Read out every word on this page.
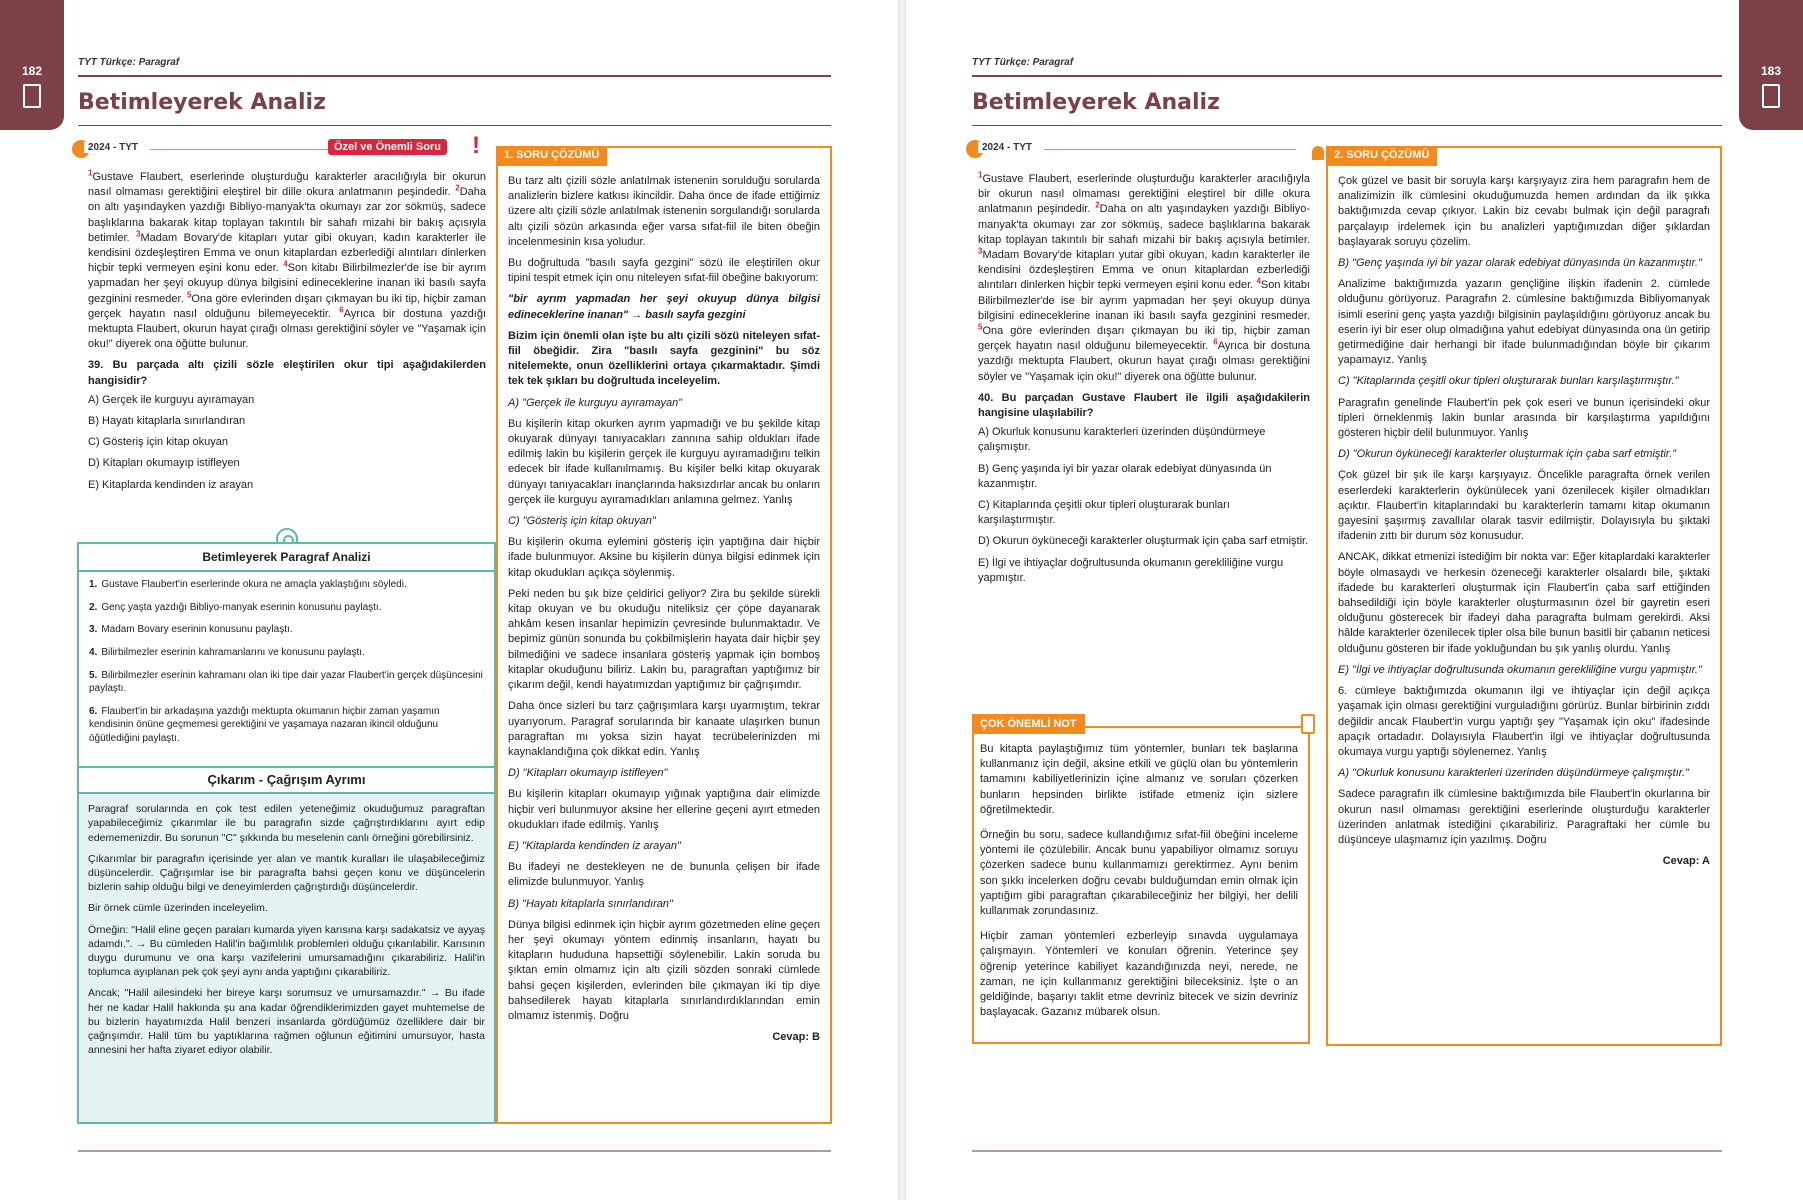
182
TYT Türkçe: Paragraf
Betimleyerek Analiz
2024 - TYT	Özel ve Önemli Soru !

$^1$Gustave Flaubert, eserlerinde oluşturduğu karakterler aracılığıyla bir okurun nasıl olmaması gerektiğini eleştirel bir dille okura anlatmanın peşindedir. $^2$Daha on altı yaşındayken yazdığı Bibliyo-manyak'ta okumayı zar zor sökmüş, sadece başlıklarına bakarak kitap toplayan takıntılı bir sahafı mizahi bir bakış açısıyla betimler. $^3$Madam Bovary'de kitapları yutar gibi okuyan, kadın karakterler ile kendisini özdeşleştiren Emma ve onun kitaplardan ezberlediği alıntıları dinlerken hiçbir tepki vermeyen eşini konu eder. $^4$Son kitabı Bilirbilmezler'de ise bir ayrım yapmadan her şeyi okuyup dünya bilgisini edineceklerine inanan iki basılı sayfa gezginini resmeder. $^5$Ona göre evlerinden dışarı çıkmayan bu iki tip, hiçbir zaman gerçek hayatın nasıl olduğunu bilemeyecektir. $^6$Ayrıca bir dostuna yazdığı mektupta Flaubert, okurun hayat çırağı olması gerektiğini söyler ve "Yaşamak için oku!" diyerek ona öğütte bulunur.

39. Bu parçada altı çizili sözle eleştirilen okur tipi aşağıdakilerden hangisidir?

A) Gerçek ile kurguyu ayıramayan
B) Hayatı kitaplarla sınırlandıran
C) Gösteriş için kitap okuyan
D) Kitapları okumayıp istifleyen
E) Kitaplarda kendinden iz arayan
Betimleyerek Paragraf Analizi
1. Gustave Flaubert'in eserlerinde okura ne amaçla yaklaştığını söyledi.
2. Genç yaşta yazdığı Bibliyo-manyak eserinin konusunu paylaştı.
3. Madam Bovary eserinin konusunu paylaştı.
4. Bilirbilmezler eserinin kahramanlarını ve konusunu paylaştı.
5. Bilirbilmezler eserinin kahramanı olan iki tipe dair yazar Flaubert'in gerçek düşüncesini paylaştı.
6. Flaubert'in bir arkadaşına yazdığı mektupta okumanın hiçbir zaman yaşamın kendisinin önüne geçmemesi gerektiğini ve yaşamaya nazaran ikincil olduğunu öğütlediğini paylaştı.
Çıkarım - Çağrışım Ayrımı

Paragraf sorularında en çok test edilen yeteneğimiz okuduğumuz paragraftan yapabileceğimiz çıkarımlar ile bu paragrafın sizde çağrıştırdıklarını ayırt edip edememenizdir. Bu sorunun "C" şıkkında bu meselenin canlı örneğini görebilirsiniz.

Çıkarımlar bir paragrafın içerisinde yer alan ve mantık kuralları ile ulaşabileceğimiz düşüncelerdir. Çağrışımlar ise bir paragrafta bahsi geçen konu ve düşüncelerin bizlerin sahip olduğu bilgi ve deneyimlerden çağrıştırdığı düşüncelerdir.

Bir örnek cümle üzerinden inceleyelim.

Örneğin: "Halil eline geçen paraları kumarda yiyen karısına karşı sadakatsiz ve ayyaş adamdı.". → Bu cümleden Halil'in bağımlılık problemleri olduğu çıkarılabilir. Karısının duygu durumunu ve ona karşı vazifelerini umursamadığını çıkarabiliriz. Halil'in toplumca ayıplanan pek çok şeyi aynı anda yaptığını çıkarabiliriz.

Ancak; "Halil ailesindeki her bireye karşı sorumsuz ve umursamazdır." → Bu ifade her ne kadar Halil hakkında şu ana kadar öğrendiklerimizden gayet muhtemelse de bu bizlerin hayatımızda Halil benzeri insanlarda gördüğümüz özelliklere dair bir çağrışımdır. Halil tüm bu yaptıklarına rağmen oğlunun eğitimini umursuyor, hasta annesini her hafta ziyaret ediyor olabilir.

1. SORU ÇÖZÜMÜ

Bu tarz altı çizili sözle anlatılmak istenenin sorulduğu sorularda analizlerin bizlere katkısı ikincildir. Daha önce de ifade ettiğimiz üzere altı çizili sözle anlatılmak istenenin sorgulandığı sorularda altı çizili sözün arkasında eğer varsa sıfat-fiil ile biten öbeğin incelenmesinin kısa yoludur.

Bu doğrultuda "basılı sayfa gezgini" sözü ile eleştirilen okur tipini tespit etmek için onu niteleyen sıfat-fiil öbeğine bakıyorum:

"bir ayrım yapmadan her şeyi okuyup dünya bilgisi edineceklerine inanan" → basılı sayfa gezgini

Bizim için önemli olan işte bu altı çizili sözü niteleyen sıfat-fiil öbeğidir. Zira "basılı sayfa gezginini" bu söz nitelemekte, onun özelliklerini ortaya çıkarmaktadır. Şimdi tek tek şıkları bu doğrultuda inceleyelim.

A) "Gerçek ile kurguyu ayıramayan"

Bu kişilerin kitap okurken ayrım yapmadığı ve bu şekilde kitap okuyarak dünyayı tanıyacakları zannına sahip oldukları ifade edilmiş lakin bu kişilerin gerçek ile kurguyu ayıramadığını telkin edecek bir ifade kullanılmamış. Bu kişiler belki kitap okuyarak dünyayı tanıyacakları inançlarında haksızdırlar ancak bu onların gerçek ile kurguyu ayıramadıkları anlamına gelmez. Yanlış

C) "Gösteriş için kitap okuyan"

Bu kişilerin okuma eylemini gösteriş için yaptığına dair hiçbir ifade bulunmuyor. Aksine bu kişilerin dünya bilgisi edinmek için kitap okudukları açıkça söylenmiş.

Peki neden bu şık bize çeldirici geliyor? Zira bu şekilde sürekli kitap okuyan ve bu okuduğu niteliksiz çer çöpe dayanarak ahkâm kesen insanlar hepimizin çevresinde bulunmaktadır. Ve bepimiz günün sonunda bu çokbilmişlerin hayata dair hiçbir şey bilmediğini ve sadece insanlara gösteriş yapmak için bomboş kitaplar okuduğunu biliriz. Lakin bu, paragraftan yaptığımız bir çıkarım değil, kendi hayatımızdan yaptığımız bir çağrışımdır.

Daha önce sizleri bu tarz çağrışımlara karşı uyarmıştım, tekrar uyarıyorum. Paragraf sorularında bir kanaate ulaşırken bunun paragraftan mı yoksa sizin hayat tecrübelerinizden mi kaynaklandığına çok dikkat edin. Yanlış

D) "Kitapları okumayıp istifleyen"

Bu kişilerin kitapları okumayıp yığınak yaptığına dair elimizde hiçbir veri bulunmuyor aksine her ellerine geçeni ayırt etmeden okudukları ifade edilmiş. Yanlış

E) "Kitaplarda kendinden iz arayan"

Bu ifadeyi ne destekleyen ne de bununla çelişen bir ifade elimizde bulunmuyor. Yanlış

B) "Hayatı kitaplarla sınırlandıran"

Dünya bilgisi edinmek için hiçbir ayrım gözetmeden eline geçen her şeyi okumayı yöntem edinmiş insanların, hayatı bu kitapların hududuna hapsettiği söylenebilir. Lakin soruda bu şıktan emin olmamız için altı çizili sözden sonraki cümlede bahsi geçen kişilerden, evlerinden bile çıkmayan iki tip diye bahsedilerek hayatı kitaplarla sınırlandırdıklarından emin olmamız istenmiş. Doğru

Cevap: B
183
TYT Türkçe: Paragraf
Betimleyerek Analiz
2024 - TYT

$^1$Gustave Flaubert, eserlerinde oluşturduğu karakterler aracılığıyla bir okurun nasıl olmaması gerektiğini eleştirel bir dille okura anlatmanın peşindedir. $^2$Daha on altı yaşındayken yazdığı Bibliyo-manyak'ta okumayı zar zor sökmüş, sadece başlıklarına bakarak kitap toplayan takıntılı bir sahafı mizahi bir bakış açısıyla betimler. $^3$Madam Bovary'de kitapları yutar gibi okuyan, kadın karakterler ile kendisini özdeşleştiren Emma ve onun kitaplardan ezberlediği alıntıları dinlerken hiçbir tepki vermeyen eşini konu eder. $^4$Son kitabı Bilirbilmezler'de ise bir ayrım yapmadan her şeyi okuyup dünya bilgisini edineceklerine inanan iki basılı sayfa gezginini resmeder. $^5$Ona göre evlerinden dışarı çıkmayan bu iki tip, hiçbir zaman gerçek hayatın nasıl olduğunu bilemeyecektir. $^6$Ayrıca bir dostuna yazdığı mektupta Flaubert, okurun hayat çırağı olması gerektiğini söyler ve "Yaşamak için oku!" diyerek ona öğütte bulunur.

40. Bu parçadan Gustave Flaubert ile ilgili aşağıdakilerin hangisine ulaşılabilir?

A) Okurluk konusunu karakterleri üzerinden düşündürmeye çalışmıştır.
B) Genç yaşında iyi bir yazar olarak edebiyat dünyasında ün kazanmıştır.
C) Kitaplarında çeşitli okur tipleri oluşturarak bunları karşılaştırmıştır.
D) Okurun öyküneceği karakterler oluşturmak için çaba sarf etmiştir.
E) İlgi ve ihtiyaçlar doğrultusunda okumanın gerekliliğine vurgu yapmıştır.
ÇOK ÖNEMLİ NOT

Bu kitapta paylaştığımız tüm yöntemler, bunları tek başlarına kullanmanız için değil, aksine etkili ve güçlü olan bu yöntemlerin tamamını kabiliyetlerinizin içine almanız ve soruları çözerken bunların hepsinden birlikte istifade etmeniz için sizlere öğretilmektedir.

Örneğin bu soru, sadece kullandığımız sıfat-fiil öbeğini inceleme yöntemi ile çözülebilir. Ancak bunu yapabiliyor olmamız soruyu çözerken sadece bunu kullanmamızı gerektirmez. Aynı benim son şıkkı incelerken doğru cevabı bulduğumdan emin olmak için yaptığım gibi paragraftan çıkarabileceğiniz her bilgiyi, her delili kullanmak zorundasınız.

Hiçbir zaman yöntemleri ezberleyip sınavda uygulamaya çalışmayın. Yöntemleri ve konuları öğrenin. Yeterince şey öğrenip yeterince kabiliyet kazandığınızda neyi, nerede, ne zaman, ne için kullanmanız gerektiğini bileceksiniz. İşte o an geldiğinde, başarıyı taklit etme devriniz bitecek ve sizin devriniz başlayacak. Gazanız mübarek olsun.

2. SORU ÇÖZÜMÜ

Çok güzel ve basit bir soruyla karşı karşıyayız zira hem paragrafın hem de analizimizin ilk cümlesini okuduğumuzda hemen ardından da ilk şıkka baktığımızda cevap çıkıyor. Lakin biz cevabı bulmak için değil paragrafı parçalayıp irdelemek için bu analizleri yaptığımızdan diğer şıklardan başlayarak soruyu çözelim.

B) "Genç yaşında iyi bir yazar olarak edebiyat dünyasında ün kazanmıştır."

Analizime baktığımızda yazarın gençliğine ilişkin ifadenin 2. cümlede olduğunu görüyoruz. Paragrafın 2. cümlesine baktığımızda Bibliyomanyak isimli eserini genç yaşta yazdığı bilgisinin paylaşıldığını görüyoruz ancak bu eserin iyi bir eser olup olmadığına yahut edebiyat dünyasında ona ün getirip getirmediğine dair herhangi bir ifade bulunmadığından böyle bir çıkarım yapamayız. Yanlış

C) "Kitaplarında çeşitli okur tipleri oluşturarak bunları karşılaştırmıştır."

Paragrafın genelinde Flaubert'in pek çok eseri ve bunun içerisindeki okur tipleri örneklenmiş lakin bunlar arasında bir karşılaştırma yapıldığını gösteren hiçbir delil bulunmuyor. Yanlış

D) "Okurun öyküneceği karakterler oluşturmak için çaba sarf etmiştir."

Çok güzel bir şık ile karşı karşıyayız. Öncelikle paragrafta örnek verilen eserlerdeki karakterlerin öykünülecek yani özenilecek kişiler olmadıkları açıktır. Flaubert'in kitaplarındaki bu karakterlerin tamamı kitap okumanın gayesini şaşırmış zavallılar olarak tasvir edilmiştir. Dolayısıyla bu şıktaki ifadenin zıttı bir durum söz konusudur.

ANCAK, dikkat etmenizi istediğim bir nokta var: Eğer kitaplardaki karakterler böyle olmasaydı ve herkesin özeneceği karakterler olsalardı bile, şıktaki ifadede bu karakterleri oluşturmak için Flaubert'in çaba sarf ettiğinden bahsedildiği için böyle karakterler oluşturmasının özel bir gayretin eseri olduğunu gösterecek bir ifadeyi daha paragrafta bulmam gerekirdi. Aksi hâlde karakterler özenilecek tipler olsa bile bunun basitli bir çabanın neticesi olduğunu gösteren bir ifade yokluğundan bu şık yanlış olurdu. Yanlış

E) "İlgi ve ihtiyaçlar doğrultusunda okumanın gerekliliğine vurgu yapmıştır."

6. cümleye baktığımızda okumanın ilgi ve ihtiyaçlar için değil açıkça yaşamak için olması gerektiğini vurguladığını görürüz. Bunlar birbirinin zıddı değildir ancak Flaubert'in vurgu yaptığı şey "Yaşamak için oku" ifadesinde apaçık ortadadır. Dolayısıyla Flaubert'in ilgi ve ihtiyaçlar doğrultusunda okumaya vurgu yaptığı söylenemez. Yanlış

A) "Okurluk konusunu karakterleri üzerinden düşündürmeye çalışmıştır."

Sadece paragrafın ilk cümlesine baktığımızda bile Flaubert'in okurlarına bir okurun nasıl olmaması gerektiğini eserlerinde oluşturduğu karakterler üzerinden anlatmak istediğini çıkarabiliriz. Paragraftaki her cümle bu düşünceye ulaşmamız için yazılmış. Doğru

Cevap: A
